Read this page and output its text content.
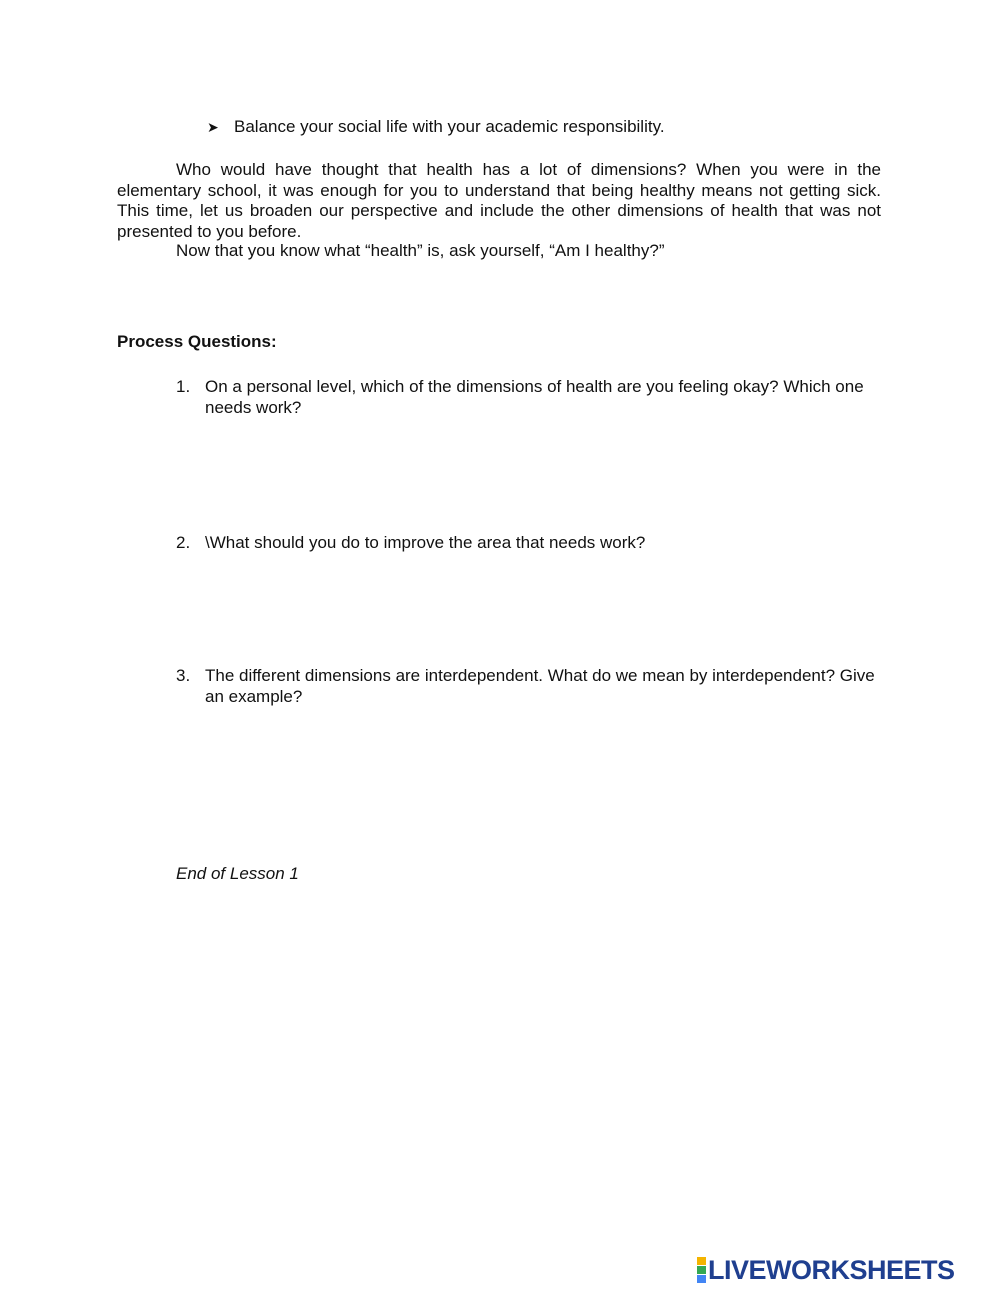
➤ Balance your social life with your academic responsibility.

Who would have thought that health has a lot of dimensions? When you were in the elementary school, it was enough for you to understand that being healthy means not getting sick. This time, let us broaden our perspective and include the other dimensions of health that was not presented to you before.

Now that you know what “health” is, ask yourself, “Am I healthy?”
Process Questions:
1. On a personal level, which of the dimensions of health are you feeling okay? Which one needs work?
2. \What should you do to improve the area that needs work?
3. The different dimensions are interdependent. What do we mean by interdependent? Give an example?
End of Lesson 1
LIVEWORKSHEETS
